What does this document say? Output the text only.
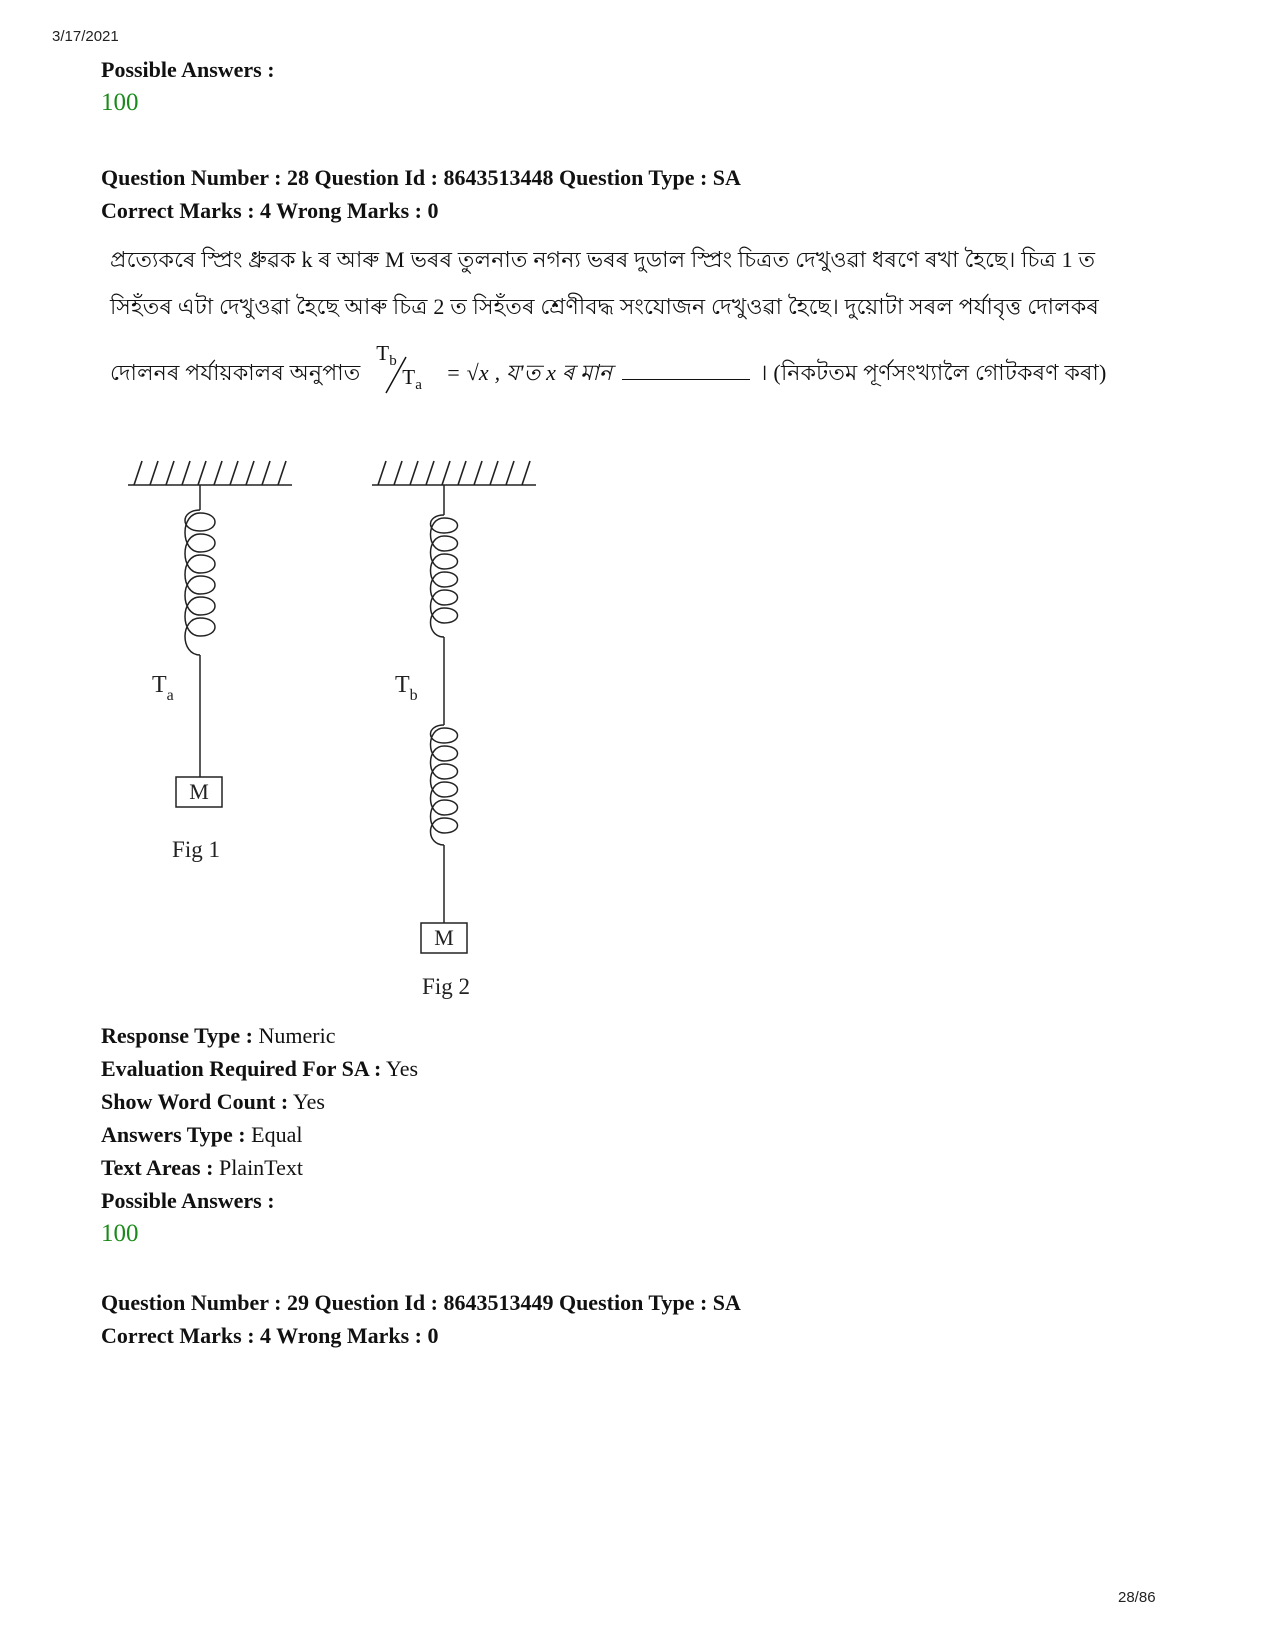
3/17/2021
Possible Answers :
100
Question Number : 28 Question Id : 8643513448 Question Type : SA
Correct Marks : 4 Wrong Marks : 0
প্ৰত্যেকৰে স্প্ৰিং ধ্ৰুৱক k ৰ আৰু M ভৰৰ তুলনাত নগন্য ভৰৰ দুডাল স্প্ৰিং চিত্ৰত দেখুওৱা ধৰণে ৰখা হৈছে। চিত্ৰ 1 ত
সিহঁতৰ এটা দেখুওৱা হৈছে আৰু চিত্ৰ 2 ত সিহঁতৰ শ্ৰেণীবদ্ধ সংযোজন দেখুওৱা হৈছে। দুয়োটা সৰল পৰ্যাবৃত্ত দোলকৰ
দোলনৰ পৰ্যায়কালৰ অনুপাত
$T_b$
$T_a$
= √x , য'ত x ৰ মান	। (নিকটতম পূৰ্ণসংখ্যালৈ গোটকৰণ কৰা)
M
$T_a$
Fig 1
M
$T_b$
Fig 2
Response Type : Numeric
Evaluation Required For SA : Yes
Show Word Count : Yes
Answers Type : Equal
Text Areas : PlainText
Possible Answers :
100
Question Number : 29 Question Id : 8643513449 Question Type : SA
Correct Marks : 4 Wrong Marks : 0
28/86
